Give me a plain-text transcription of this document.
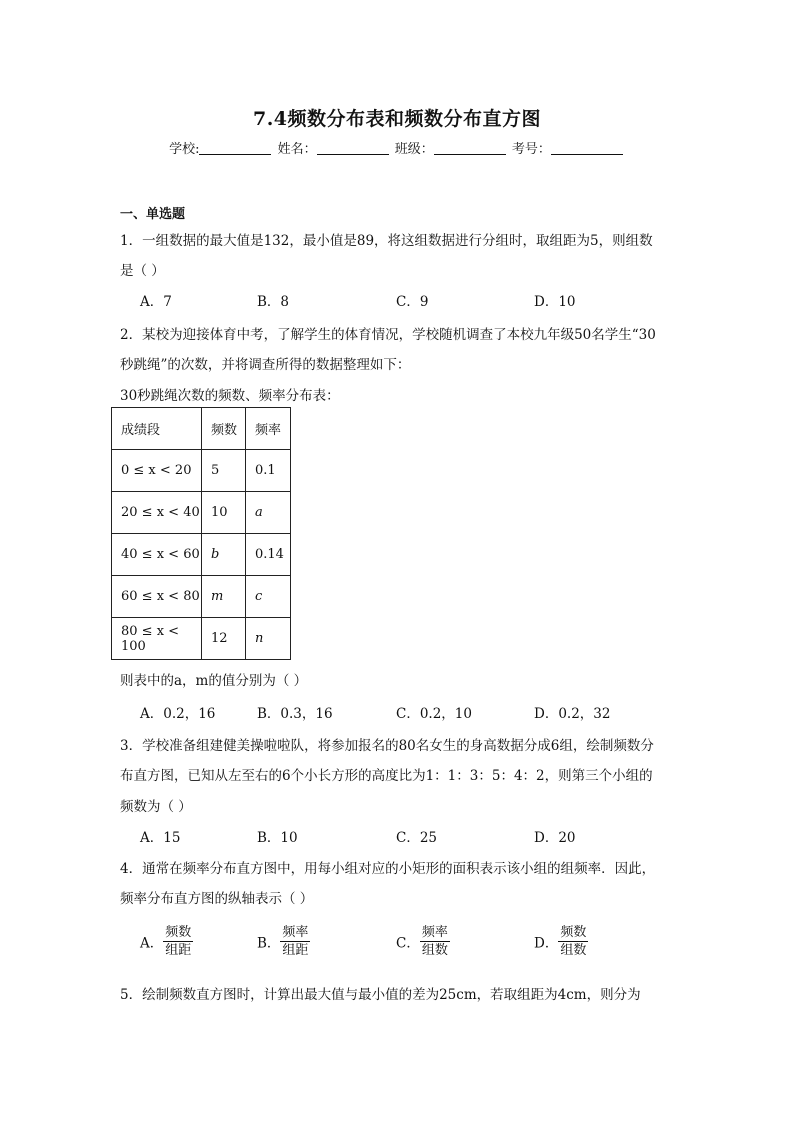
7.4频数分布表和频数分布直方图
学校:	姓名：	班级：	考号：
一、单选题
1．一组数据的最大值是132，最小值是89，将这组数据进行分组时，取组距为5，则组数
是（ ）
A．7	B．8	C．9	D．10
2．某校为迎接体育中考，了解学生的体育情况，学校随机调查了本校九年级50名学生“30
秒跳绳”的次数，并将调查所得的数据整理如下：
30秒跳绳次数的频数、频率分布表：
成绩段	频数	频率
0 ≤ x < 20	5	0.1
20 ≤ x < 40	10	a
40 ≤ x < 60	b	0.14
60 ≤ x < 80	m	c
80 ≤ x < 100	12	n
则表中的a，m的值分别为（ ）
A．0.2，16	B．0.3，16	C．0.2，10	D．0.2，32
3．学校准备组建健美操啦啦队，将参加报名的80名女生的身高数据分成6组，绘制频数分
布直方图，已知从左至右的6个小长方形的高度比为1：1：3：5：4：2，则第三个小组的
频数为（ ）
A．15	B．10	C．25	D．20
4．通常在频率分布直方图中，用每小组对应的小矩形的面积表示该小组的组频率．因此，
频率分布直方图的纵轴表示（ ）
A． $\frac{\text{频数}}{\text{组距}}$	B． $\frac{\text{频率}}{\text{组距}}$	C． $\frac{\text{频率}}{\text{组数}}$	D． $\frac{\text{频数}}{\text{组数}}$
5．绘制频数直方图时，计算出最大值与最小值的差为25cm，若取组距为4cm，则分为
